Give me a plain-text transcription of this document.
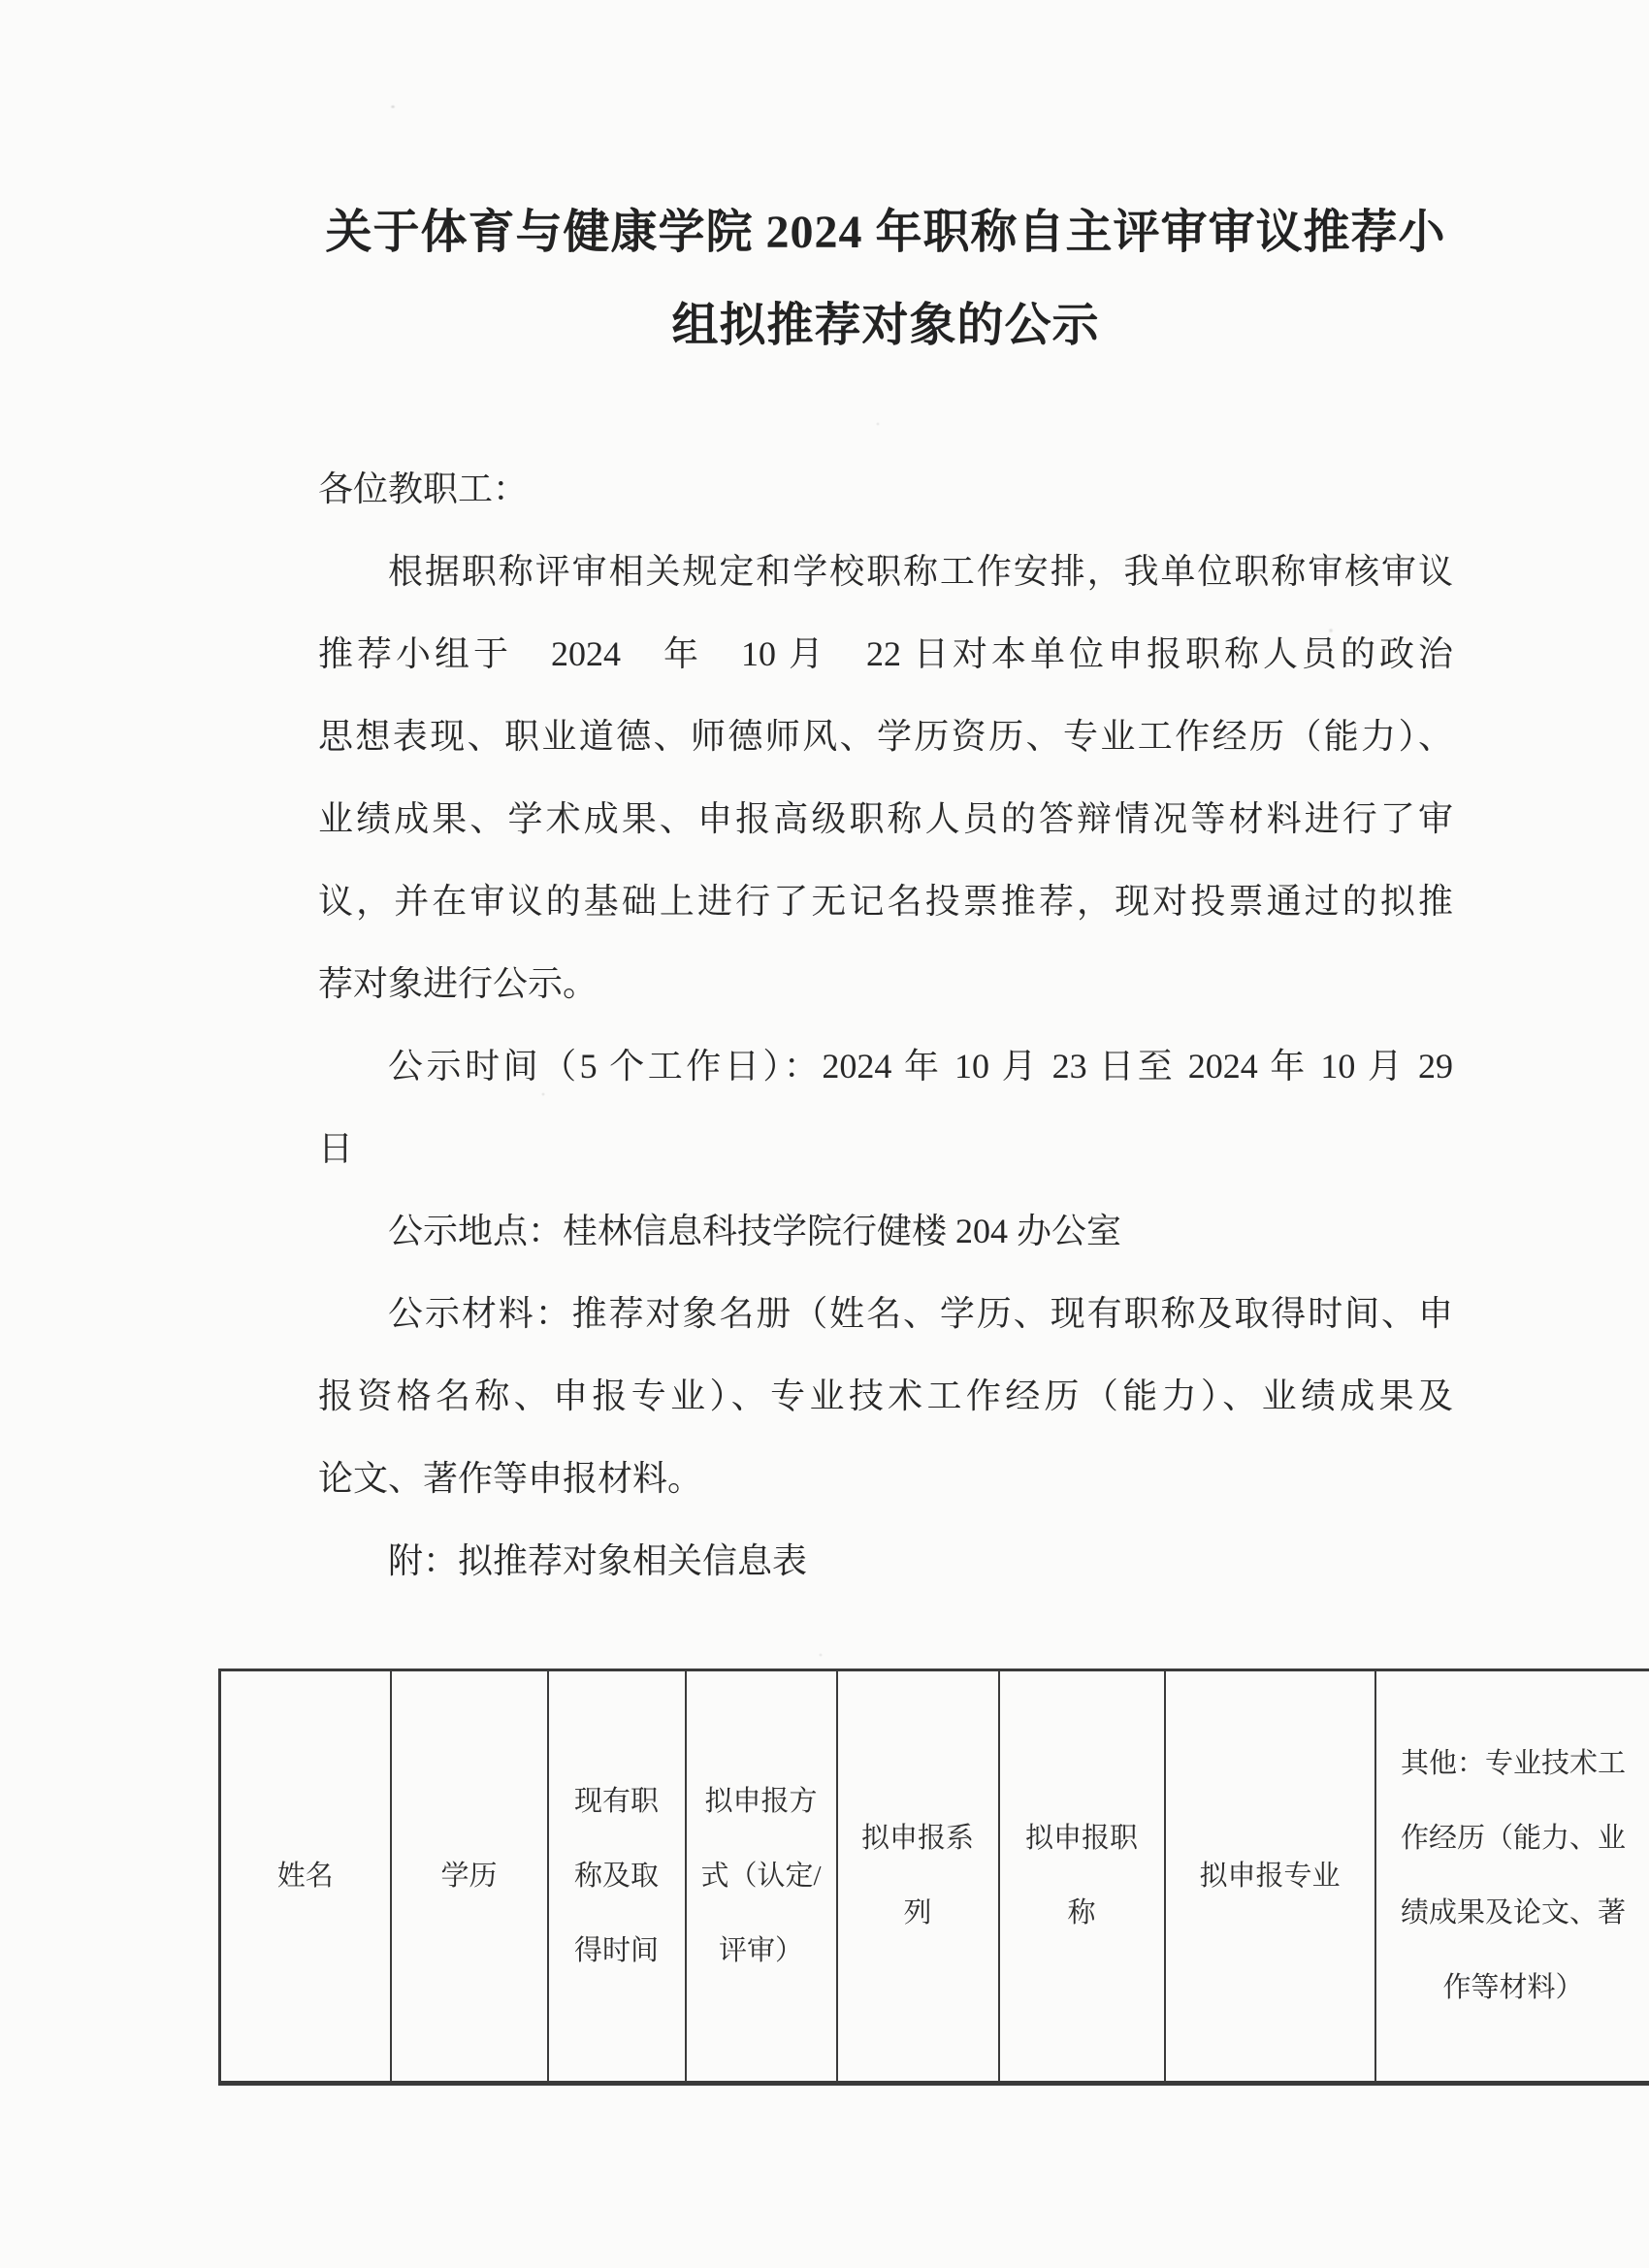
关于体育与健康学院 2024 年职称自主评审审议推荐小
组拟推荐对象的公示
各位教职工：
根据职称评审相关规定和学校职称工作安排，我单位职称审核审议
推荐小组于　2024　年　10 月　22 日对本单位申报职称人员的政治
思想表现、职业道德、师德师风、学历资历、专业工作经历（能力）、
业绩成果、学术成果、申报高级职称人员的答辩情况等材料进行了审
议，并在审议的基础上进行了无记名投票推荐，现对投票通过的拟推
荐对象进行公示。
公示时间（5 个工作日）：2024 年 10 月 23 日至 2024 年 10 月 29
日
公示地点：桂林信息科技学院行健楼 204 办公室
公示材料：推荐对象名册（姓名、学历、现有职称及取得时间、申
报资格名称、申报专业）、专业技术工作经历（能力）、业绩成果及
论文、著作等申报材料。
附：拟推荐对象相关信息表
姓名	学历	现有职称及取得时间	拟申报方式（认定/评审）	拟申报系列	拟申报职称	拟申报专业	其他：专业技术工作经历（能力、业绩成果及论文、著作等材料）
